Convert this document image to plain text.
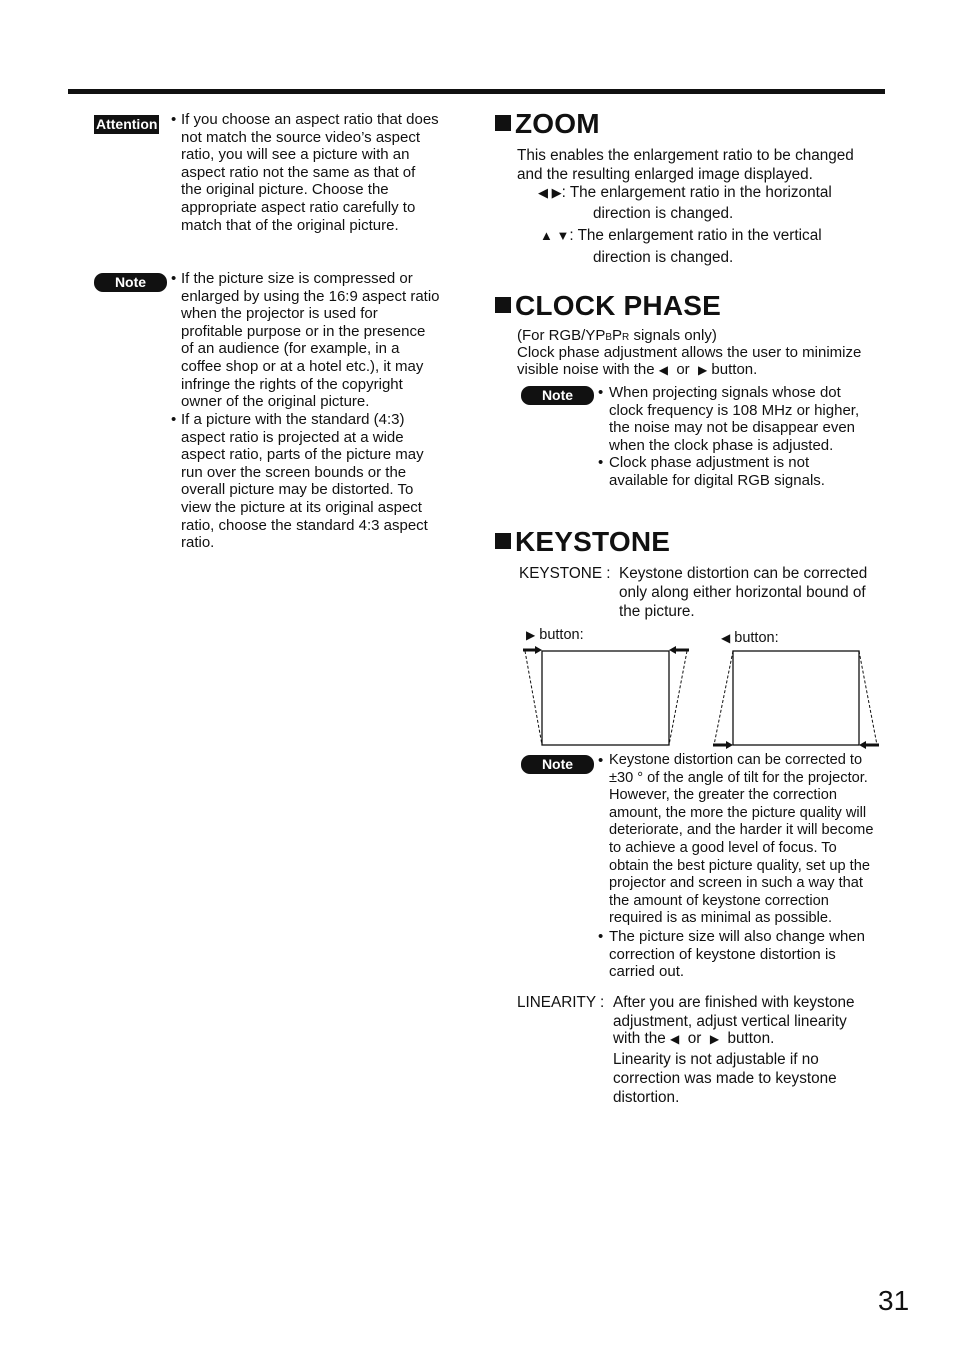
Attention • If you choose an aspect ratio that does
not match the source video’s aspect
ratio, you will see a picture with an
aspect ratio not the same as that of
the original picture. Choose the
appropriate aspect ratio carefully to
match that of the original picture.
Note	• If the picture size is compressed or
enlarged by using the 16:9 aspect ratio
when the projector is used for
profitable purpose or in the presence
of an audience (for example, in a
coffee shop or at a hotel etc.), it may
infringe the rights of the copyright
owner of the original picture.
• If a picture with the standard (4:3)
aspect ratio is projected at a wide
aspect ratio, parts of the picture may
run over the screen bounds or the
overall picture may be distorted. To
view the picture at its original aspect
ratio, choose the standard 4:3 aspect
ratio.
ZOOM
This enables the enlargement ratio to be changed
and the resulting enlarged image displayed.
◀ ▶: The enlargement ratio in the horizontal
direction is changed.
▲ ▼: The enlargement ratio in the vertical
direction is changed.
CLOCK PHASE
(For RGB/YPBPR signals only)
Clock phase adjustment allows the user to minimize
visible noise with the ◀ or ▶ button.
Note	• When projecting signals whose dot
clock frequency is 108 MHz or higher,
the noise may not be disappear even
when the clock phase is adjusted.
• Clock phase adjustment is not
available for digital RGB signals.
KEYSTONE
KEYSTONE : Keystone distortion can be corrected
only along either horizontal bound of
the picture.
▶ button:	◀ button:
Note	• Keystone distortion can be corrected to
±30 ° of the angle of tilt for the projector.
However, the greater the correction
amount, the more the picture quality will
deteriorate, and the harder it will become
to achieve a good level of focus. To
obtain the best picture quality, set up the
projector and screen in such a way that
the amount of keystone correction
required is as minimal as possible.
• The picture size will also change when
correction of keystone distortion is
carried out.
LINEARITY : After you are finished with keystone
adjustment, adjust vertical linearity
with the ◀ or ▶ button.
Linearity is not adjustable if no
correction was made to keystone
distortion.
31
